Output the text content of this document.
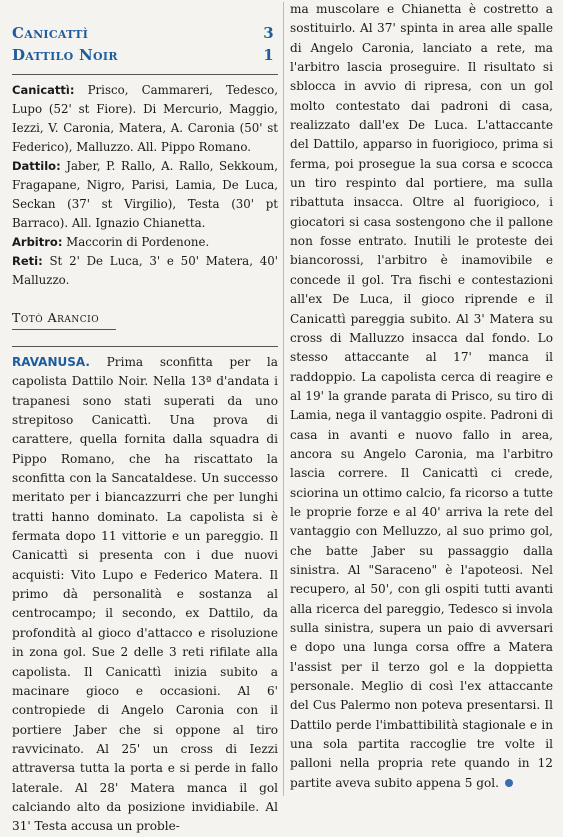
Canicattì	3
Dattilo Noir	1

Canicattì: Prisco, Cammareri, Tedesco, Lupo (52' st Fiore). Di Mercurio, Maggio, Iezzi, V. Caronia, Matera, A. Caronia (50' st Federico), Malluzzo. All. Pippo Romano.

Dattilo: Jaber, P. Rallo, A. Rallo, Sekkoum, Fragapane, Nigro, Parisi, Lamia, De Luca, Seckan (37' st Virgilio), Testa (30' pt Barraco). All. Ignazio Chianetta.

Arbitro: Maccorin di Pordenone.

Reti: St 2' De Luca, 3' e 50' Matera, 40' Malluzzo.

Totò Arancio

RAVANUSA. Prima sconfitta per la capolista Dattilo Noir. Nella 13ª d'andata i trapanesi sono stati superati da uno strepitoso Canicattì. Una prova di carattere, quella fornita dalla squadra di Pippo Romano, che ha riscattato la sconfitta con la Sancataldese. Un successo meritato per i biancazzurri che per lunghi tratti hanno dominato. La capolista si è fermata dopo 11 vittorie e un pareggio. Il Canicattì si presenta con i due nuovi acquisti: Vito Lupo e Federico Matera. Il primo dà personalità e sostanza al centrocampo; il secondo, ex Dattilo, da profondità al gioco d'attacco e risoluzione in zona gol. Sue 2 delle 3 reti rifilate alla capolista. Il Canicattì inizia subito a macinare gioco e occasioni. Al 6' contropiede di Angelo Caronia con il portiere Jaber che si oppone al tiro ravvicinato. Al 25' un cross di Iezzi attraversa tutta la porta e si perde in fallo laterale. Al 28' Matera manca il gol calciando alto da posizione invidiabile. Al 31' Testa accusa un proble-

ma muscolare e Chianetta è costretto a sostituirlo. Al 37' spinta in area alle spalle di Angelo Caronia, lanciato a rete, ma l'arbitro lascia proseguire. Il risultato si sblocca in avvio di ripresa, con un gol molto contestato dai padroni di casa, realizzato dall'ex De Luca. L'attaccante del Dattilo, apparso in fuorigioco, prima si ferma, poi prosegue la sua corsa e scocca un tiro respinto dal portiere, ma sulla ribattuta insacca. Oltre al fuorigioco, i giocatori si casa sostengono che il pallone non fosse entrato. Inutili le proteste dei biancorossi, l'arbitro è inamovibile e concede il gol. Tra fischi e contestazioni all'ex De Luca, il gioco riprende e il Canicattì pareggia subito. Al 3' Matera su cross di Malluzzo insacca dal fondo. Lo stesso attaccante al 17' manca il raddoppio. La capolista cerca di reagire e al 19' la grande parata di Prisco, su tiro di Lamia, nega il vantaggio ospite. Padroni di casa in avanti e nuovo fallo in area, ancora su Angelo Caronia, ma l'arbitro lascia correre. Il Canicattì ci crede, sciorina un ottimo calcio, fa ricorso a tutte le proprie forze e al 40' arriva la rete del vantaggio con Melluzzo, al suo primo gol, che batte Jaber su passaggio dalla sinistra. Al "Saraceno" è l'apoteosi. Nel recupero, al 50', con gli ospiti tutti avanti alla ricerca del pareggio, Tedesco si invola sulla sinistra, supera un paio di avversari e dopo una lunga corsa offre a Matera l'assist per il terzo gol e la doppietta personale. Meglio di così l'ex attaccante del Cus Palermo non poteva presentarsi. Il Dattilo perde l'imbattibilità stagionale e in una sola partita raccoglie tre volte il palloni nella propria rete quando in 12 partite aveva subito appena 5 gol.
